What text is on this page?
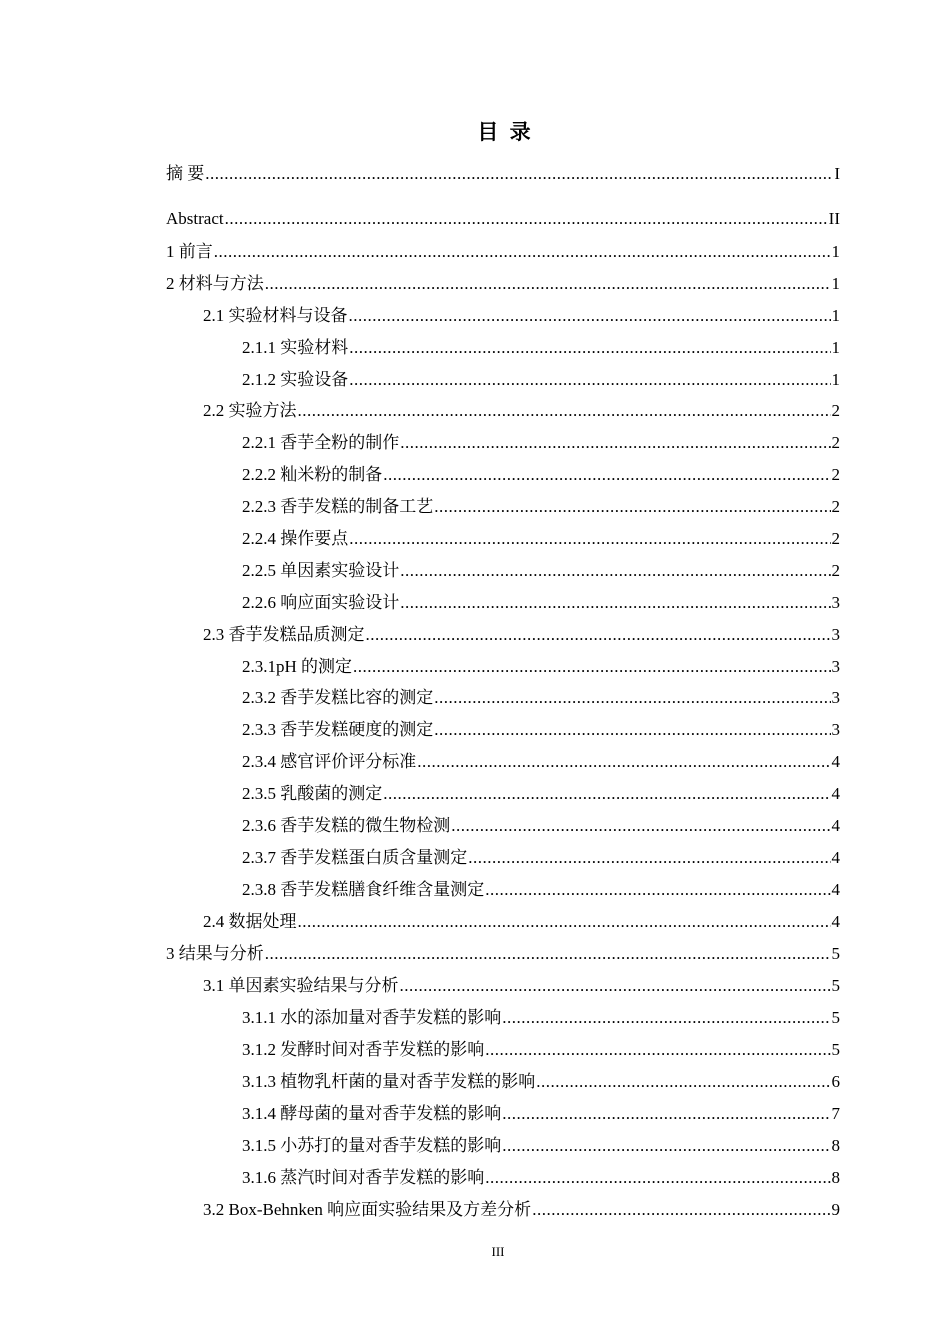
目 录
摘 要 .....	I
Abstract .....	II
1 前言 .....	1
2 材料与方法 .....	1
2.1 实验材料与设备 .....	1
2.1.1 实验材料 .....	1
2.1.2 实验设备 .....	1
2.2 实验方法 .....	2
2.2.1 香芋全粉的制作 .....	2
2.2.2 籼米粉的制备 .....	2
2.2.3 香芋发糕的制备工艺 .....	2
2.2.4 操作要点 .....	2
2.2.5 单因素实验设计 .....	2
2.2.6 响应面实验设计 .....	3
2.3 香芋发糕品质测定 .....	3
2.3.1pH 的测定 .....	3
2.3.2 香芋发糕比容的测定 .....	3
2.3.3 香芋发糕硬度的测定 .....	3
2.3.4 感官评价评分标准 .....	4
2.3.5 乳酸菌的测定 .....	4
2.3.6 香芋发糕的微生物检测 .....	4
2.3.7 香芋发糕蛋白质含量测定 .....	4
2.3.8 香芋发糕膳食纤维含量测定 .....	4
2.4 数据处理 .....	4
3 结果与分析 .....	5
3.1 单因素实验结果与分析 .....	5
3.1.1 水的添加量对香芋发糕的影响 .....	5
3.1.2 发酵时间对香芋发糕的影响 .....	5
3.1.3 植物乳杆菌的量对香芋发糕的影响 .....	6
3.1.4 酵母菌的量对香芋发糕的影响 .....	7
3.1.5 小苏打的量对香芋发糕的影响 .....	8
3.1.6 蒸汽时间对香芋发糕的影响 .....	8
3.2 Box-Behnken 响应面实验结果及方差分析 .....	9
III
